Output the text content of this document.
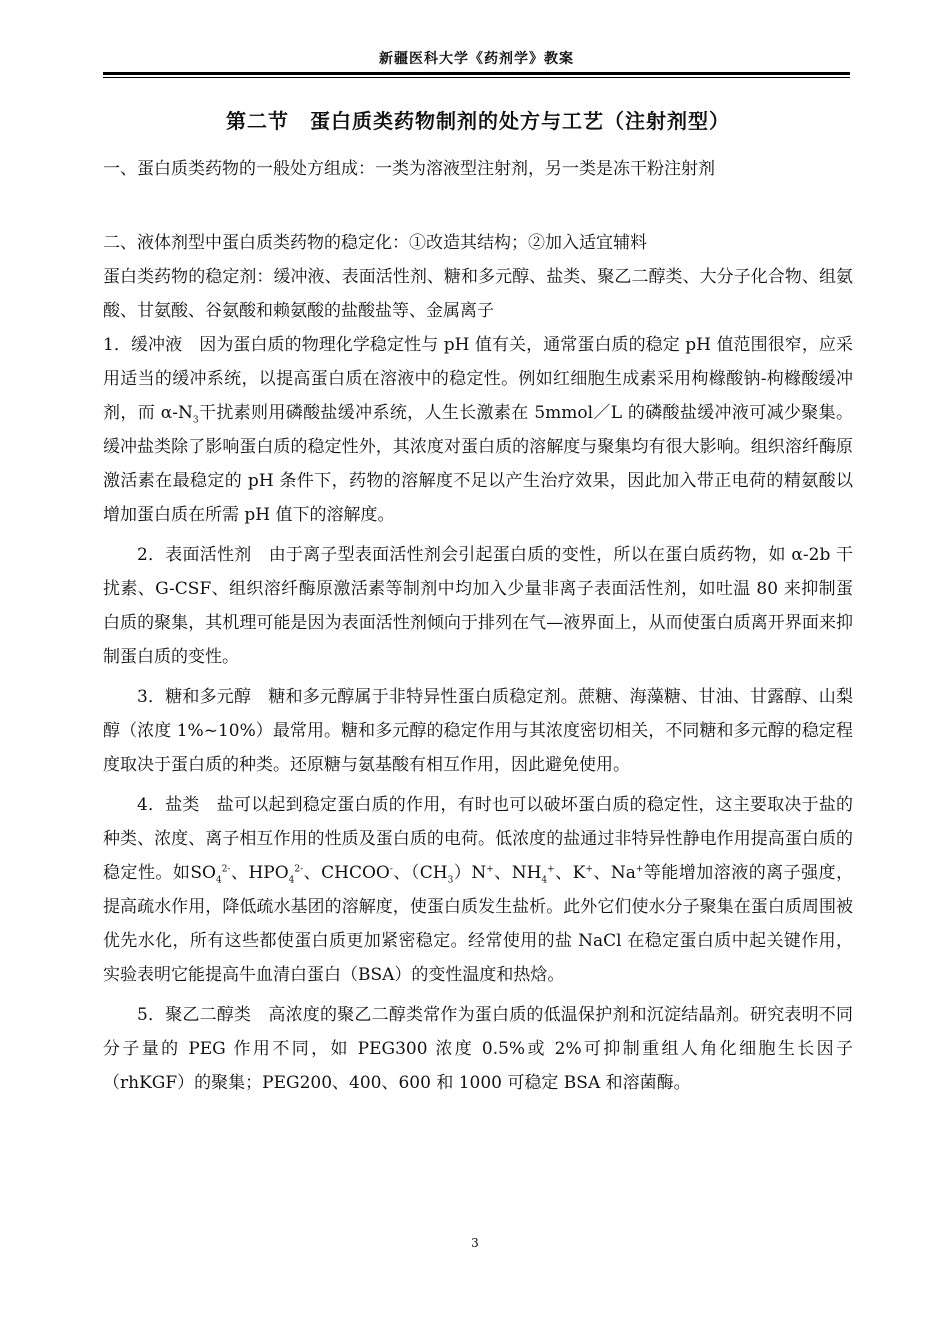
新疆医科大学《药剂学》教案
第二节　蛋白质类药物制剂的处方与工艺（注射剂型）

一、蛋白质类药物的一般处方组成：一类为溶液型注射剂，另一类是冻干粉注射剂

二、液体剂型中蛋白质类药物的稳定化：①改造其结构；②加入适宜辅料

蛋白类药物的稳定剂：缓冲液、表面活性剂、糖和多元醇、盐类、聚乙二醇类、大分子化合物、组氨酸、甘氨酸、谷氨酸和赖氨酸的盐酸盐等、金属离子

1．缓冲液　因为蛋白质的物理化学稳定性与 pH 值有关，通常蛋白质的稳定 pH 值范围很窄，应采用适当的缓冲系统，以提高蛋白质在溶液中的稳定性。例如红细胞生成素采用枸橼酸钠-枸橼酸缓冲剂，而 $\alpha-N_3$干扰素则用磷酸盐缓冲系统，人生长激素在 5mmol／L 的磷酸盐缓冲液可减少聚集。缓冲盐类除了影响蛋白质的稳定性外，其浓度对蛋白质的溶解度与聚集均有很大影响。组织溶纤酶原激活素在最稳定的 pH 条件下，药物的溶解度不足以产生治疗效果，因此加入带正电荷的精氨酸以增加蛋白质在所需 pH 值下的溶解度。

2．表面活性剂　由于离子型表面活性剂会引起蛋白质的变性，所以在蛋白质药物，如 α-2b 干扰素、G-CSF、组织溶纤酶原激活素等制剂中均加入少量非离子表面活性剂，如吐温 80 来抑制蛋白质的聚集，其机理可能是因为表面活性剂倾向于排列在气—液界面上，从而使蛋白质离开界面来抑制蛋白质的变性。

3．糖和多元醇　糖和多元醇属于非特异性蛋白质稳定剂。蔗糖、海藻糖、甘油、甘露醇、山梨醇（浓度 1%~10%）最常用。糖和多元醇的稳定作用与其浓度密切相关，不同糖和多元醇的稳定程度取决于蛋白质的种类。还原糖与氨基酸有相互作用，因此避免使用。

4．盐类　盐可以起到稳定蛋白质的作用，有时也可以破坏蛋白质的稳定性，这主要取决于盐的种类、浓度、离子相互作用的性质及蛋白质的电荷。低浓度的盐通过非特异性静电作用提高蛋白质的稳定性。如$SO_4^{2-}$、$HPO_4^{2-}$、CHCOO-、$(CH_3)N^+$、$NH_4^+$、K+、Na+等能增加溶液的离子强度，提高疏水作用，降低疏水基团的溶解度，使蛋白质发生盐析。此外它们使水分子聚集在蛋白质周围被优先水化，所有这些都使蛋白质更加紧密稳定。经常使用的盐 NaCl 在稳定蛋白质中起关键作用，实验表明它能提高牛血清白蛋白（BSA）的变性温度和热焓。

5．聚乙二醇类　高浓度的聚乙二醇类常作为蛋白质的低温保护剂和沉淀结晶剂。研究表明不同分子量的 PEG 作用不同，如 PEG300 浓度 0.5%或 2%可抑制重组人角化细胞生长因子（rhKGF）的聚集；PEG200、400、600 和 1000 可稳定 BSA 和溶菌酶。

3
